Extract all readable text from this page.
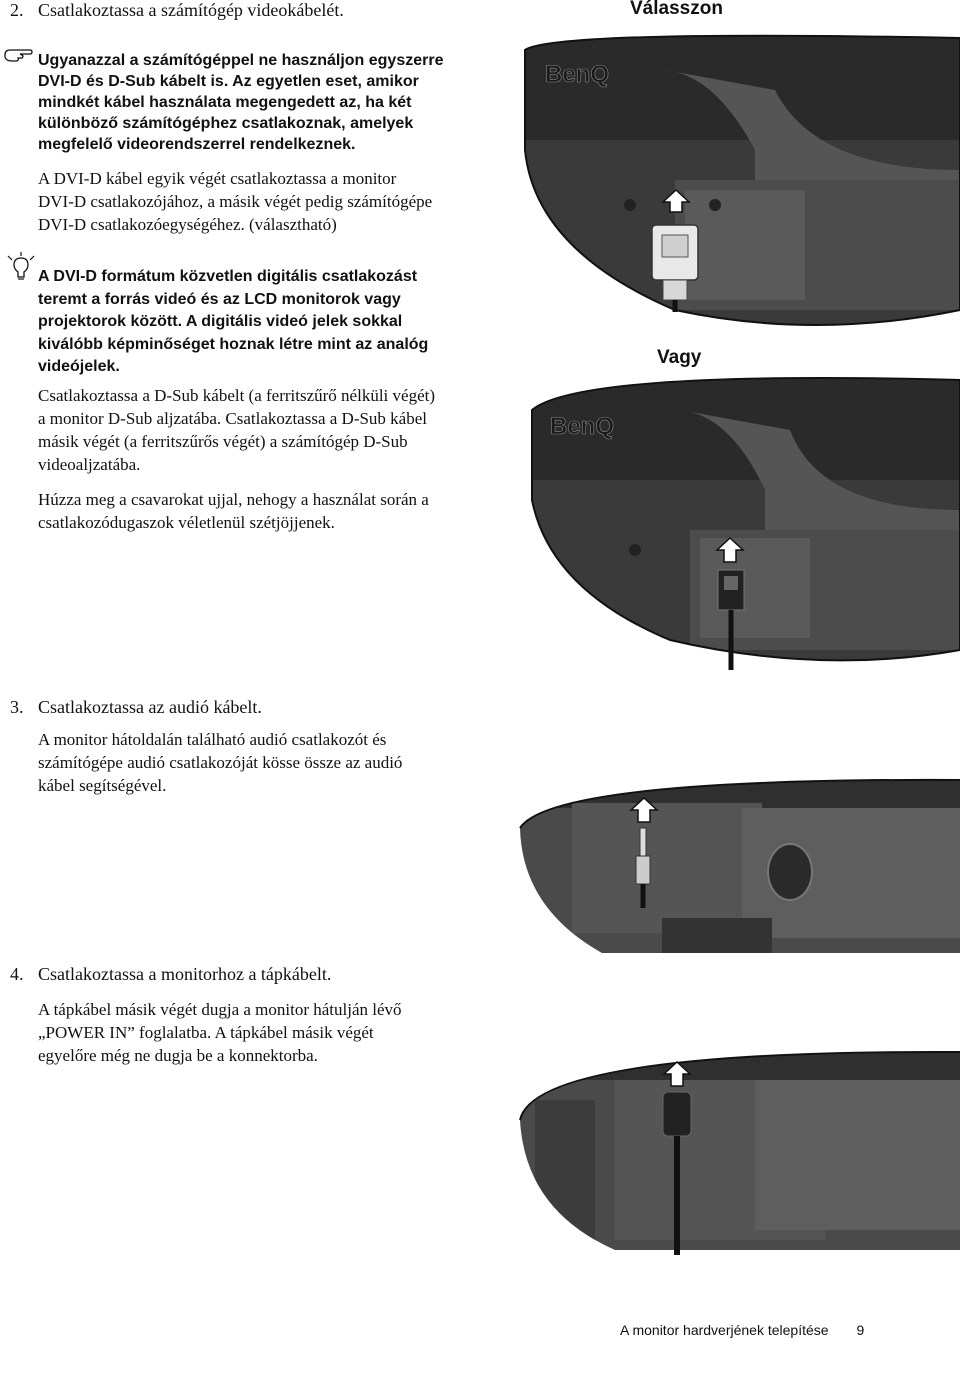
2. Csatlakoztassa a számítógép videokábelét.	Válasszon
Ugyanazzal a számítógéppel ne használjon egyszerre
DVI-D és D-Sub kábelt is. Az egyetlen eset, amikor
mindkét kábel használata megengedett az, ha két
különböző számítógéphez csatlakoznak, amelyek
megfelelő videorendszerrel rendelkeznek.
A DVI-D kábel egyik végét csatlakoztassa a monitor
DVI-D csatlakozójához, a másik végét pedig számítógépe
DVI-D csatlakozóegységéhez. (választható)
A DVI-D formátum közvetlen digitális csatlakozást
teremt a forrás videó és az LCD monitorok vagy
projektorok között. A digitális videó jelek sokkal
kiválóbb képminőséget hoznak létre mint az analóg
videójelek.
Csatlakoztassa a D-Sub kábelt (a ferritszűrő nélküli végét)
a monitor D-Sub aljzatába. Csatlakoztassa a D-Sub kábel
másik végét (a ferritszűrős végét) a számítógép D-Sub
videoaljzatába.
Húzza meg a csavarokat ujjal, nehogy a használat során a
csatlakozódugaszok véletlenül szétjöjjenek.
BenQ
Vagy
BenQ
3. Csatlakoztassa az audió kábelt.
A monitor hátoldalán található audió csatlakozót és
számítógépe audió csatlakozóját kösse össze az audió
kábel segítségével.
4. Csatlakoztassa a monitorhoz a tápkábelt.
A tápkábel másik végét dugja a monitor hátulján lévő
„POWER IN” foglalatba. A tápkábel másik végét
egyelőre még ne dugja be a konnektorba.
A monitor hardverjének telepítése 9
